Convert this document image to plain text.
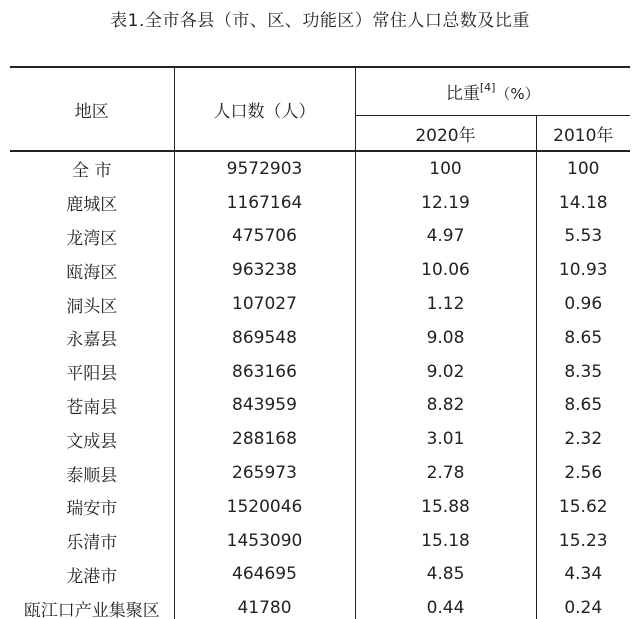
表1.全市各县（市、区、功能区）常住人口总数及比重
地区	人口数（人）	比重[4]（%）	
		2020年	2010年
全 市	9572903	100	100
鹿城区	1167164	12.19	14.18
龙湾区	475706	4.97	5.53
瓯海区	963238	10.06	10.93
洞头区	107027	1.12	0.96
永嘉县	869548	9.08	8.65
平阳县	863166	9.02	8.35
苍南县	843959	8.82	8.65
文成县	288168	3.01	2.32
泰顺县	265973	2.78	2.56
瑞安市	1520046	15.88	15.62
乐清市	1453090	15.18	15.23
龙港市	464695	4.85	4.34
瓯江口产业集聚区	41780	0.44	0.24
